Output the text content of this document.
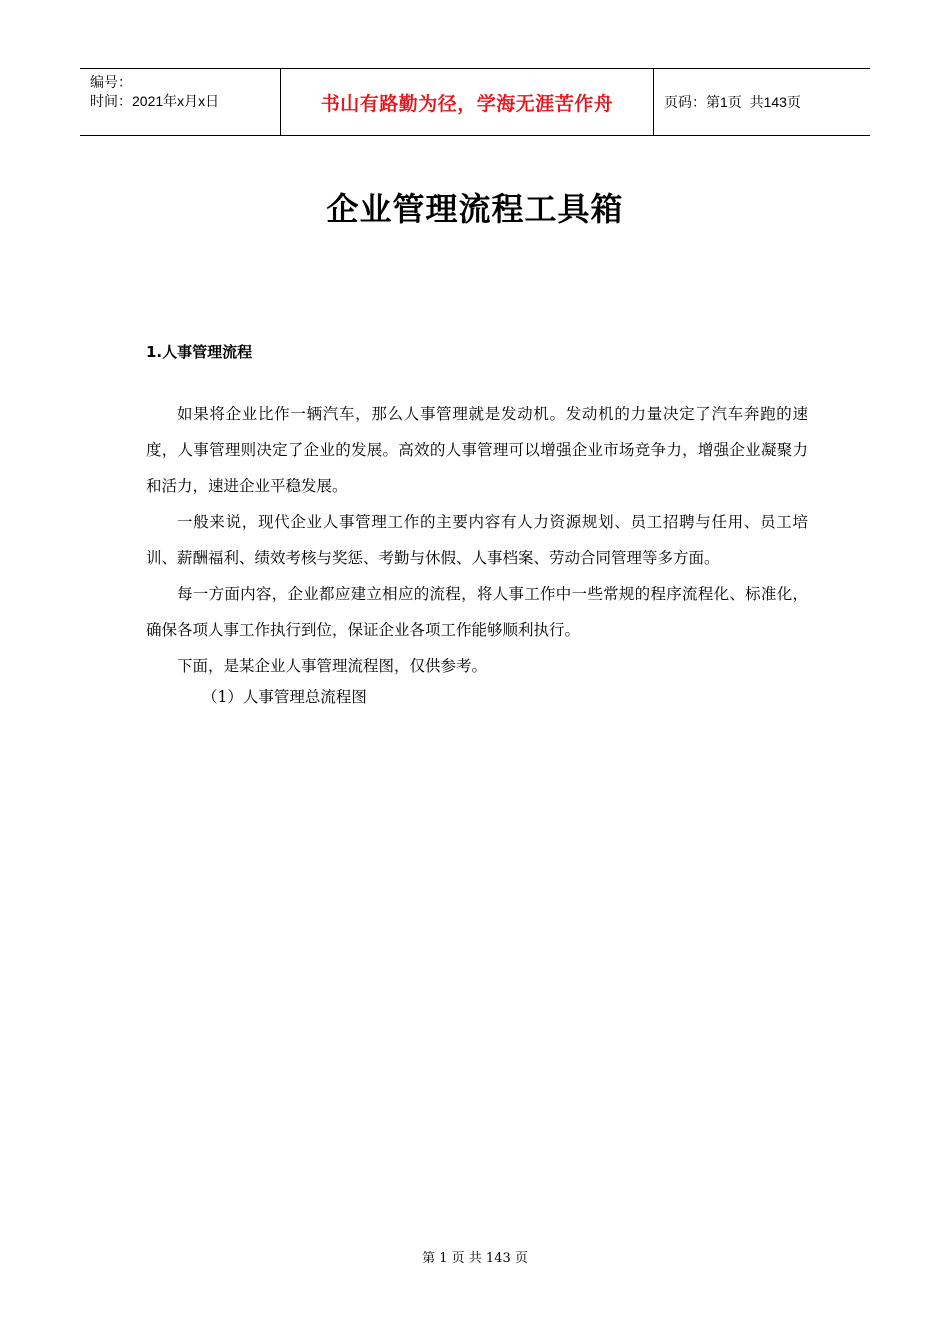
编号：
时间：2021年x月x日	书山有路勤为径，学海无涯苦作舟	页码：第1页  共143页
企业管理流程工具箱
1.人事管理流程

如果将企业比作一辆汽车，那么人事管理就是发动机。发动机的力量决定了汽车奔跑的速度，人事管理则决定了企业的发展。高效的人事管理可以增强企业市场竞争力，增强企业凝聚力和活力，速进企业平稳发展。

一般来说，现代企业人事管理工作的主要内容有人力资源规划、员工招聘与任用、员工培训、薪酬福利、绩效考核与奖惩、考勤与休假、人事档案、劳动合同管理等多方面。

每一方面内容，企业都应建立相应的流程，将人事工作中一些常规的程序流程化、标准化，确保各项人事工作执行到位，保证企业各项工作能够顺利执行。

下面，是某企业人事管理流程图，仅供参考。

（1）人事管理总流程图
第 1 页 共 143 页
